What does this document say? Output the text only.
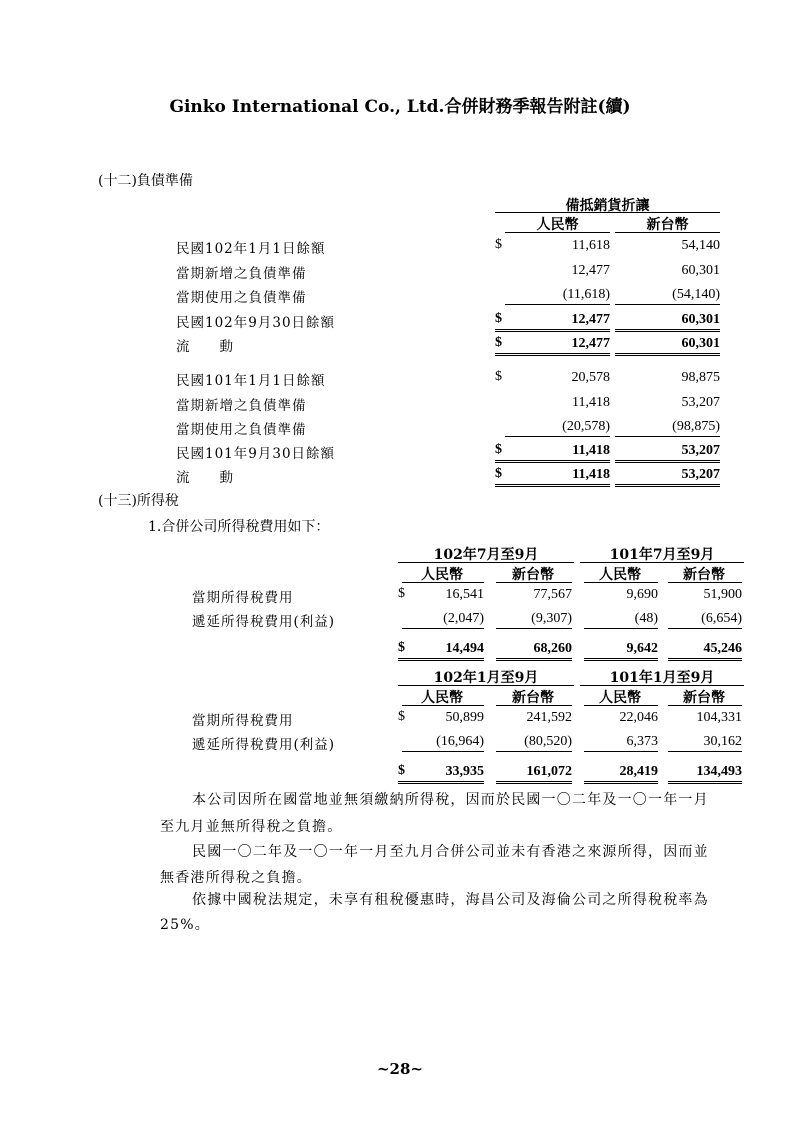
Ginko International Co., Ltd.合併財務季報告附註(續)
(十二)負債準備
備抵銷貨折讓
人民幣	新台幣
民國102年1月1日餘額	$	11,618	54,140
當期新增之負債準備	12,477	60,301
當期使用之負債準備	(11,618)	(54,140)
民國102年9月30日餘額	$	12,477	60,301
流　　動	$	12,477	60,301
民國101年1月1日餘額	$	20,578	98,875
當期新增之負債準備	11,418	53,207
當期使用之負債準備	(20,578)	(98,875)
民國101年9月30日餘額	$	11,418	53,207
流　　動	$	11,418	53,207
(十三)所得稅
1.合併公司所得稅費用如下：
102年7月至9月	101年7月至9月
人民幣	新台幣	人民幣	新台幣
當期所得稅費用	$	16,541	77,567	9,690	51,900
遞延所得稅費用(利益)	(2,047)	(9,307)	(48)	(6,654)
$	14,494	68,260	9,642	45,246
102年1月至9月	101年1月至9月
人民幣	新台幣	人民幣	新台幣
當期所得稅費用	$	50,899	241,592	22,046	104,331
遞延所得稅費用(利益)	(16,964)	(80,520)	6,373	30,162
$	33,935	161,072	28,419	134,493
本公司因所在國當地並無須繳納所得稅，因而於民國一〇二年及一〇一年一月
至九月並無所得稅之負擔。
民國一〇二年及一〇一年一月至九月合併公司並未有香港之來源所得，因而並
無香港所得稅之負擔。
依據中國稅法規定，未享有租稅優惠時，海昌公司及海倫公司之所得稅稅率為
25%。
~28~
